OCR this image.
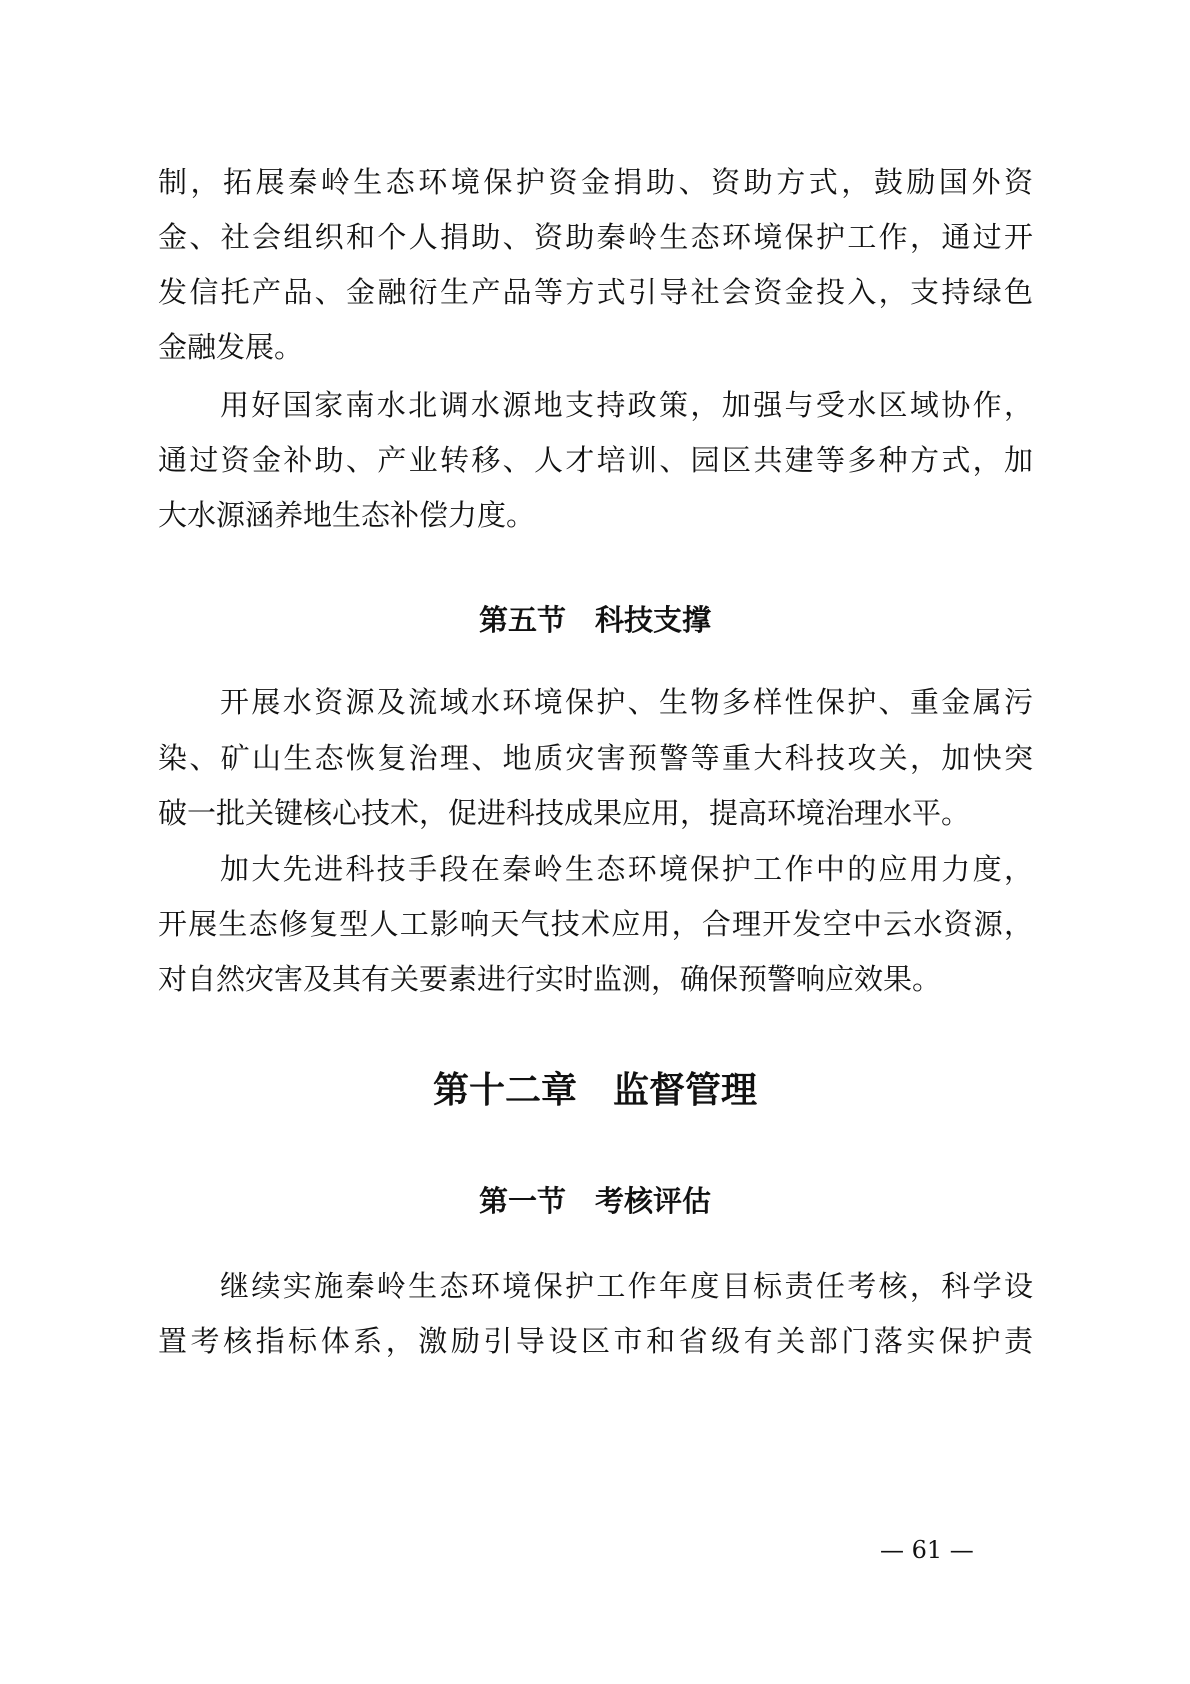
制，拓展秦岭生态环境保护资金捐助、资助方式，鼓励国外资
金、社会组织和个人捐助、资助秦岭生态环境保护工作，通过开
发信托产品、金融衍生产品等方式引导社会资金投入，支持绿色
金融发展。
用好国家南水北调水源地支持政策，加强与受水区域协作，
通过资金补助、产业转移、人才培训、园区共建等多种方式，加
大水源涵养地生态补偿力度。
第五节　科技支撑
开展水资源及流域水环境保护、生物多样性保护、重金属污
染、矿山生态恢复治理、地质灾害预警等重大科技攻关，加快突
破一批关键核心技术，促进科技成果应用，提高环境治理水平。
加大先进科技手段在秦岭生态环境保护工作中的应用力度，
开展生态修复型人工影响天气技术应用，合理开发空中云水资源，
对自然灾害及其有关要素进行实时监测，确保预警响应效果。
第十二章　监督管理
第一节　考核评估
继续实施秦岭生态环境保护工作年度目标责任考核，科学设
置考核指标体系，激励引导设区市和省级有关部门落实保护责
— 61 —
